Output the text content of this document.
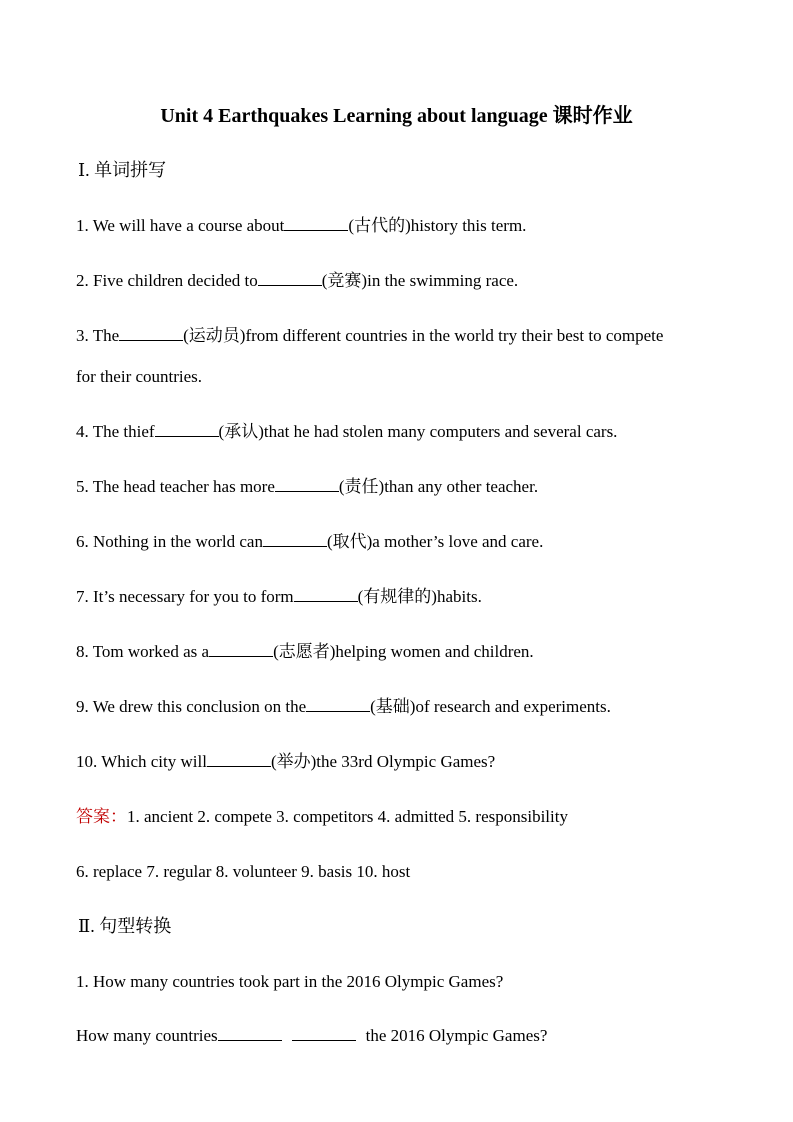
Unit 4 Earthquakes Learning about language 课时作业
Ⅰ. 单词拼写
1. We will have a course about	(古代的)history this term.
2. Five children decided to	(竞赛)in the swimming race.
3. The	(运动员)from different countries in the world try their best to compete
for their countries.
4. The thief	(承认)that he had stolen many computers and several cars.
5. The head teacher has more	(责任)than any other teacher.
6. Nothing in the world can	(取代)a mother’s love and care.
7. It’s necessary for you to form	(有规律的)habits.
8. Tom worked as a	(志愿者)helping women and children.
9. We drew this conclusion on the	(基础)of research and experiments.
10. Which city will	(举办)the 33rd Olympic Games?
答案：1. ancient 2. compete 3. competitors 4. admitted 5. responsibility
6. replace 7. regular 8. volunteer 9. basis 10. host
Ⅱ. 句型转换
1. How many countries took part in the 2016 Olympic Games?
How many countries	the 2016 Olympic Games?
